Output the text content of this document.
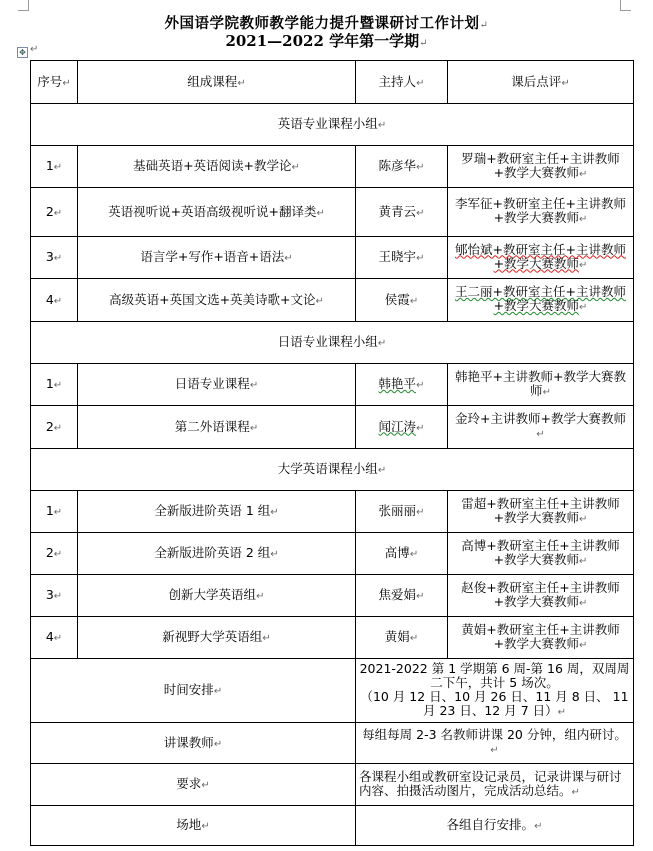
外国语学院教师教学能力提升暨课研讨工作计划↵
2021—2022 学年第一学期↵
✥ ↵
序号↵	组成课程↵	主持人↵	课后点评↵
英语专业课程小组↵			
1↵	基础英语+英语阅读+教学论↵	陈彦华↵	罗瑞+教研室主任+主讲教师+教学大赛教师↵
2↵	英语视听说+英语高级视听说+翻译类↵	黄青云↵	李军征+教研室主任+主讲教师+教学大赛教师↵
3↵	语言学+写作+语音+语法↵	王晓宇↵	郇怡斌+教研室主任+主讲教师+教学大赛教师↵
4↵	高级英语+英国文选+英美诗歌+文论↵	侯霞↵	王二丽+教研室主任+主讲教师+教学大赛教师↵
日语专业课程小组↵			
1↵	日语专业课程↵	韩艳平↵	韩艳平+主讲教师+教学大赛教师↵
2↵	第二外语课程↵	闻江涛↵	金玲+主讲教师+教学大赛教师↵
大学英语课程小组↵			
1↵	全新版进阶英语 1 组↵	张丽丽↵	雷超+教研室主任+主讲教师+教学大赛教师↵
2↵	全新版进阶英语 2 组↵	高博↵	高博+教研室主任+主讲教师+教学大赛教师↵
3↵	创新大学英语组↵	焦爱娟↵	赵俊+教研室主任+主讲教师+教学大赛教师↵
4↵	新视野大学英语组↵	黄娟↵	黄娟+教研室主任+主讲教师+教学大赛教师↵
时间安排↵		2021-2022 第 1 学期第 6 周-第 16 周，双周周二下午，共计 5 场次。
（10 月 12 日、10 月 26 日、11 月 8 日、 11 月 23 日、12 月 7 日）↵	

讲课教师↵		每组每周 2-3 名教师讲课 20 分钟，组内研讨。↵	
要求↵		各课程小组或教研室设记录员，记录讲课与研讨内容、拍摄活动图片，完成活动总结。↵	
场地↵		各组自行安排。↵	
